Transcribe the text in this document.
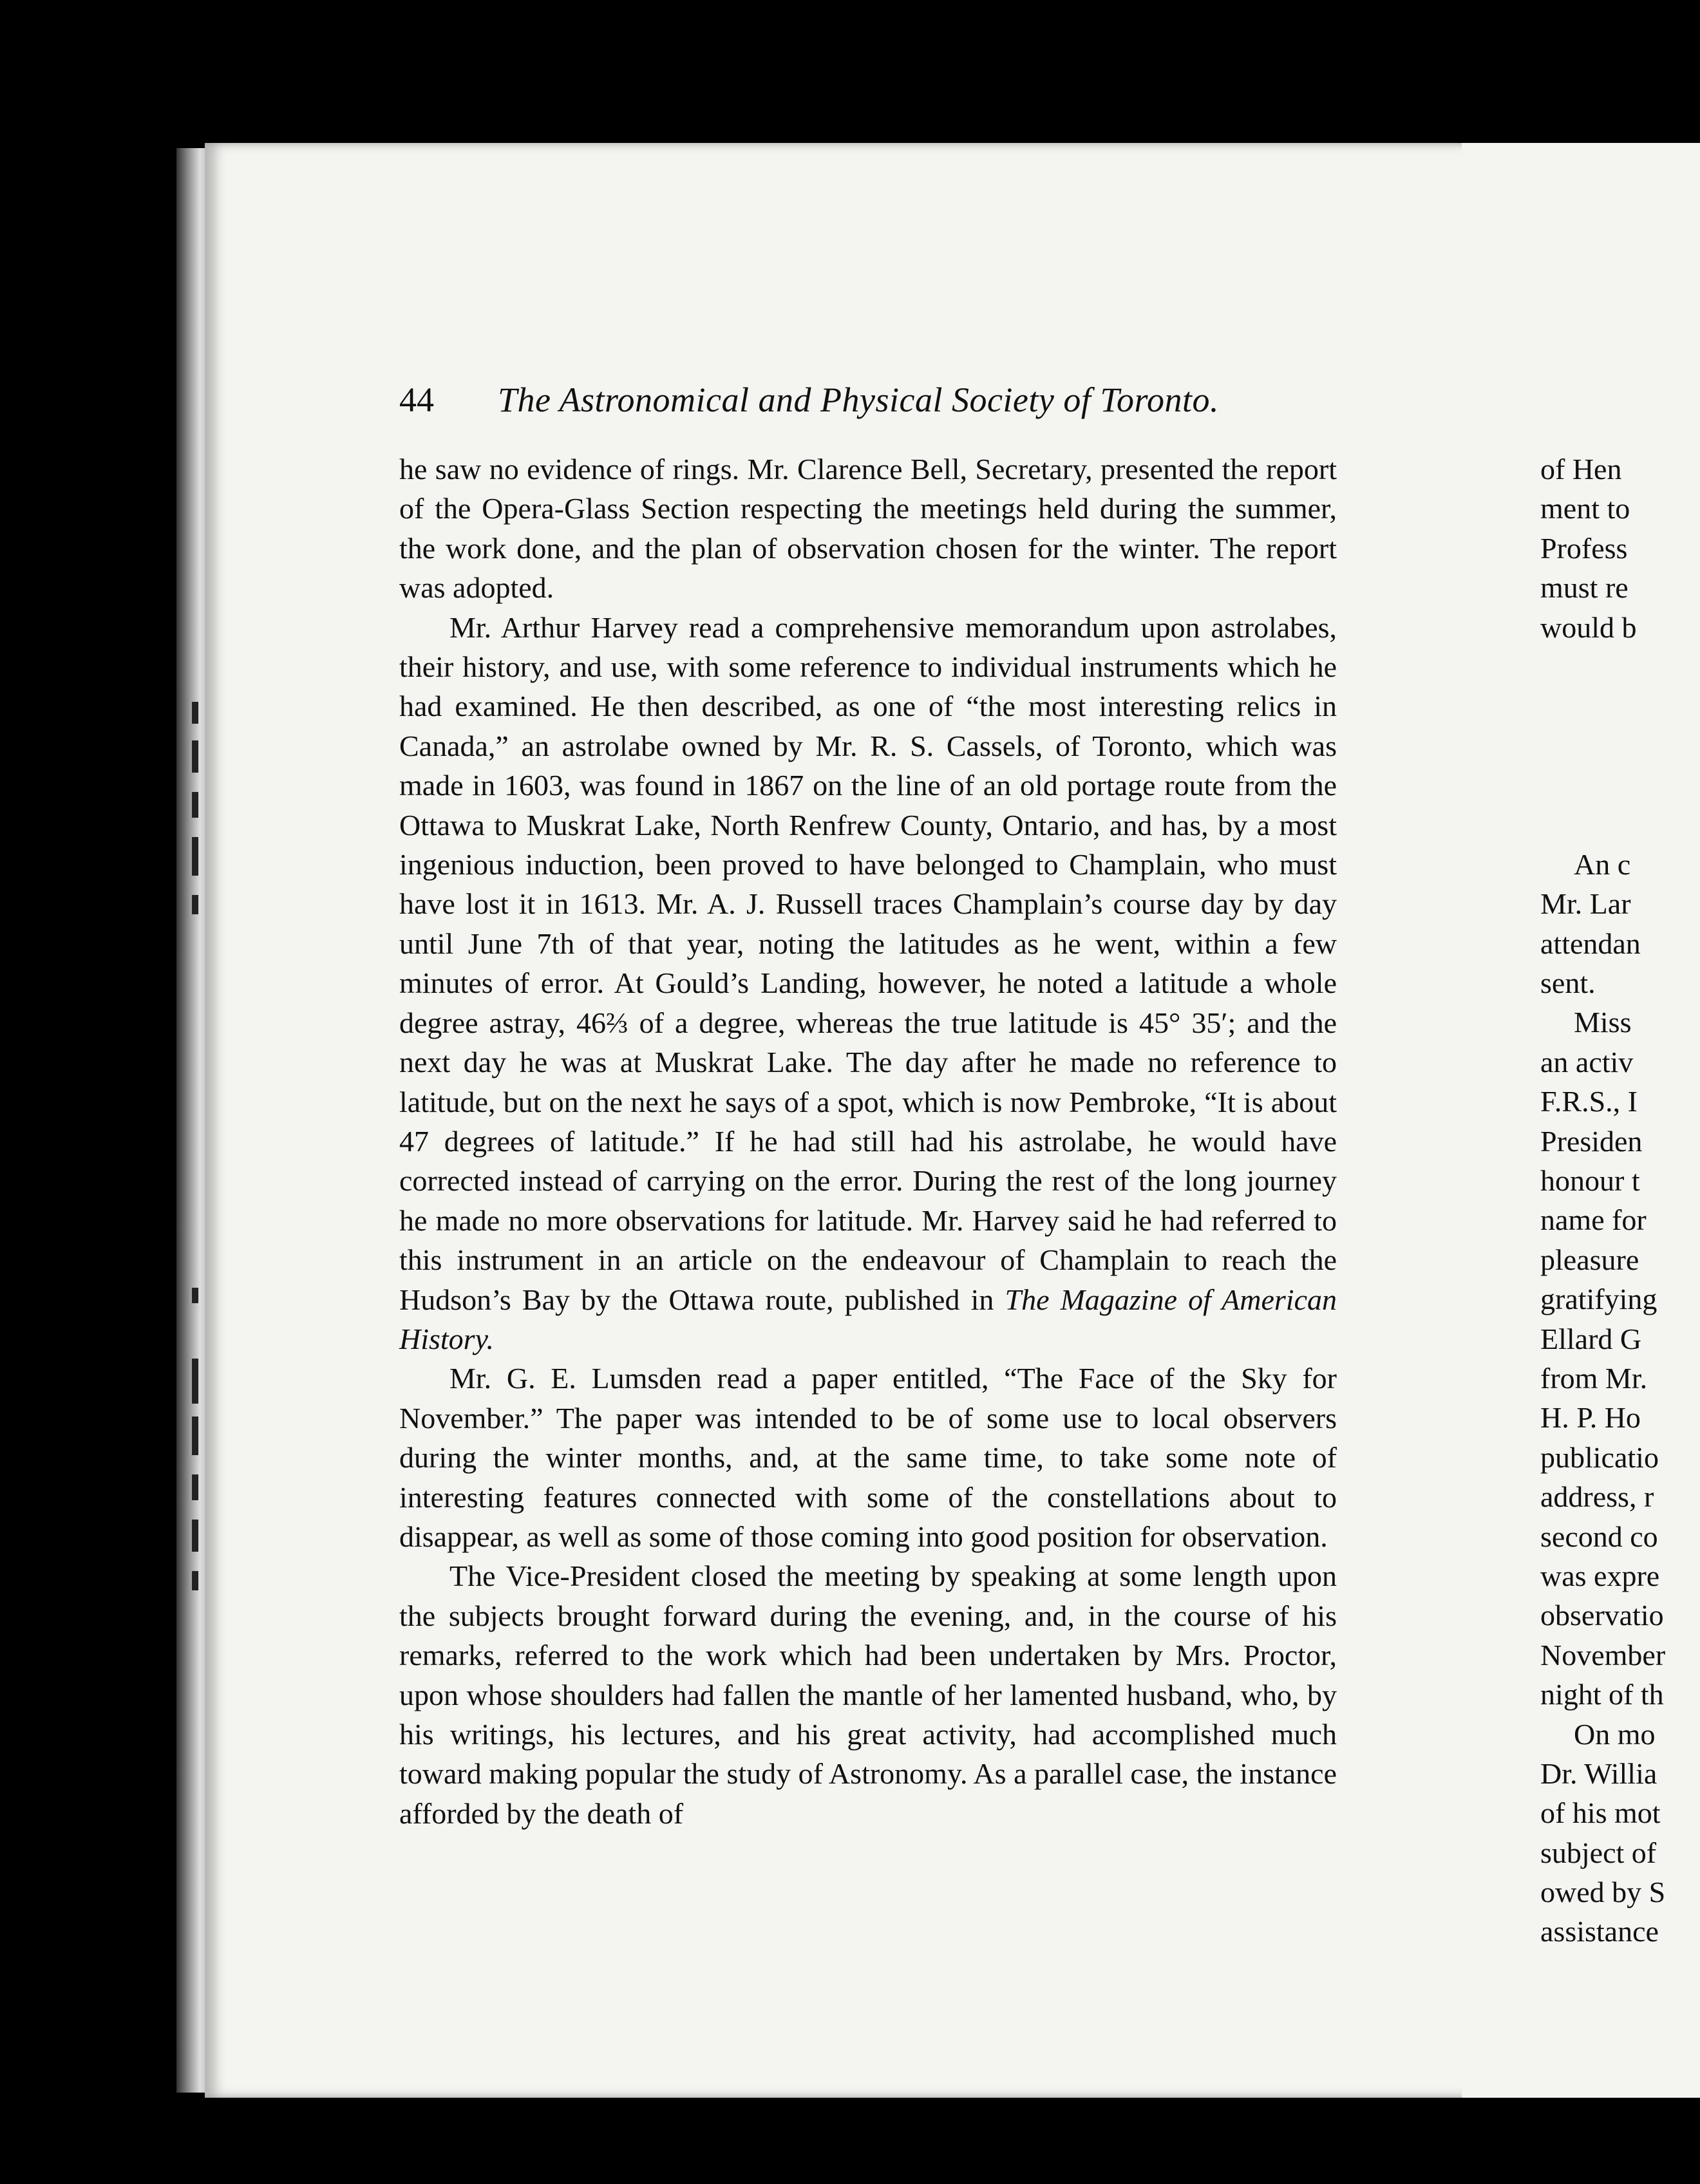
44 The Astronomical and Physical Society of Toronto.

he saw no evidence of rings. Mr. Clarence Bell, Secretary, presented the report of the Opera-Glass Section respecting the meetings held during the summer, the work done, and the plan of observation chosen for the winter. The report was adopted.

Mr. Arthur Harvey read a comprehensive memorandum upon astrolabes, their history, and use, with some reference to individual instruments which he had examined. He then described, as one of “the most interesting relics in Canada,” an astrolabe owned by Mr. R. S. Cassels, of Toronto, which was made in 1603, was found in 1867 on the line of an old portage route from the Ottawa to Muskrat Lake, North Renfrew County, Ontario, and has, by a most ingenious induction, been proved to have belonged to Champlain, who must have lost it in 1613. Mr. A. J. Russell traces Champlain’s course day by day until June 7th of that year, noting the latitudes as he went, within a few minutes of error. At Gould’s Landing, however, he noted a latitude a whole degree astray, 46⅔ of a degree, whereas the true latitude is 45° 35′; and the next day he was at Muskrat Lake. The day after he made no reference to latitude, but on the next he says of a spot, which is now Pembroke, “It is about 47 degrees of latitude.” If he had still had his astrolabe, he would have corrected instead of carrying on the error. During the rest of the long journey he made no more observations for latitude. Mr. Harvey said he had referred to this instrument in an article on the endeavour of Champlain to reach the Hudson’s Bay by the Ottawa route, published in The Magazine of American History.

Mr. G. E. Lumsden read a paper entitled, “The Face of the Sky for November.” The paper was intended to be of some use to local observers during the winter months, and, at the same time, to take some note of interesting features connected with some of the constellations about to disappear, as well as some of those coming into good position for observation.

The Vice-President closed the meeting by speaking at some length upon the subjects brought forward during the evening, and, in the course of his remarks, referred to the work which had been undertaken by Mrs. Proctor, upon whose shoulders had fallen the mantle of her lamented husband, who, by his writings, his lectures, and his great activity, had accomplished much toward making popular the study of Astronomy. As a parallel case, the instance afforded by the death of

of Hen
ment to
Profess
must re
would b
An c
Mr. Lar
attendan
sent.
Miss
an activ
F.R.S., I
Presiden
honour t
name for
pleasure
gratifying
Ellard G
from Mr.
H. P. Ho
publicatio
address, r
second co
was expre
observatio
November
night of th
On mo
Dr. Willia
of his mot
subject of
owed by S
assistance
